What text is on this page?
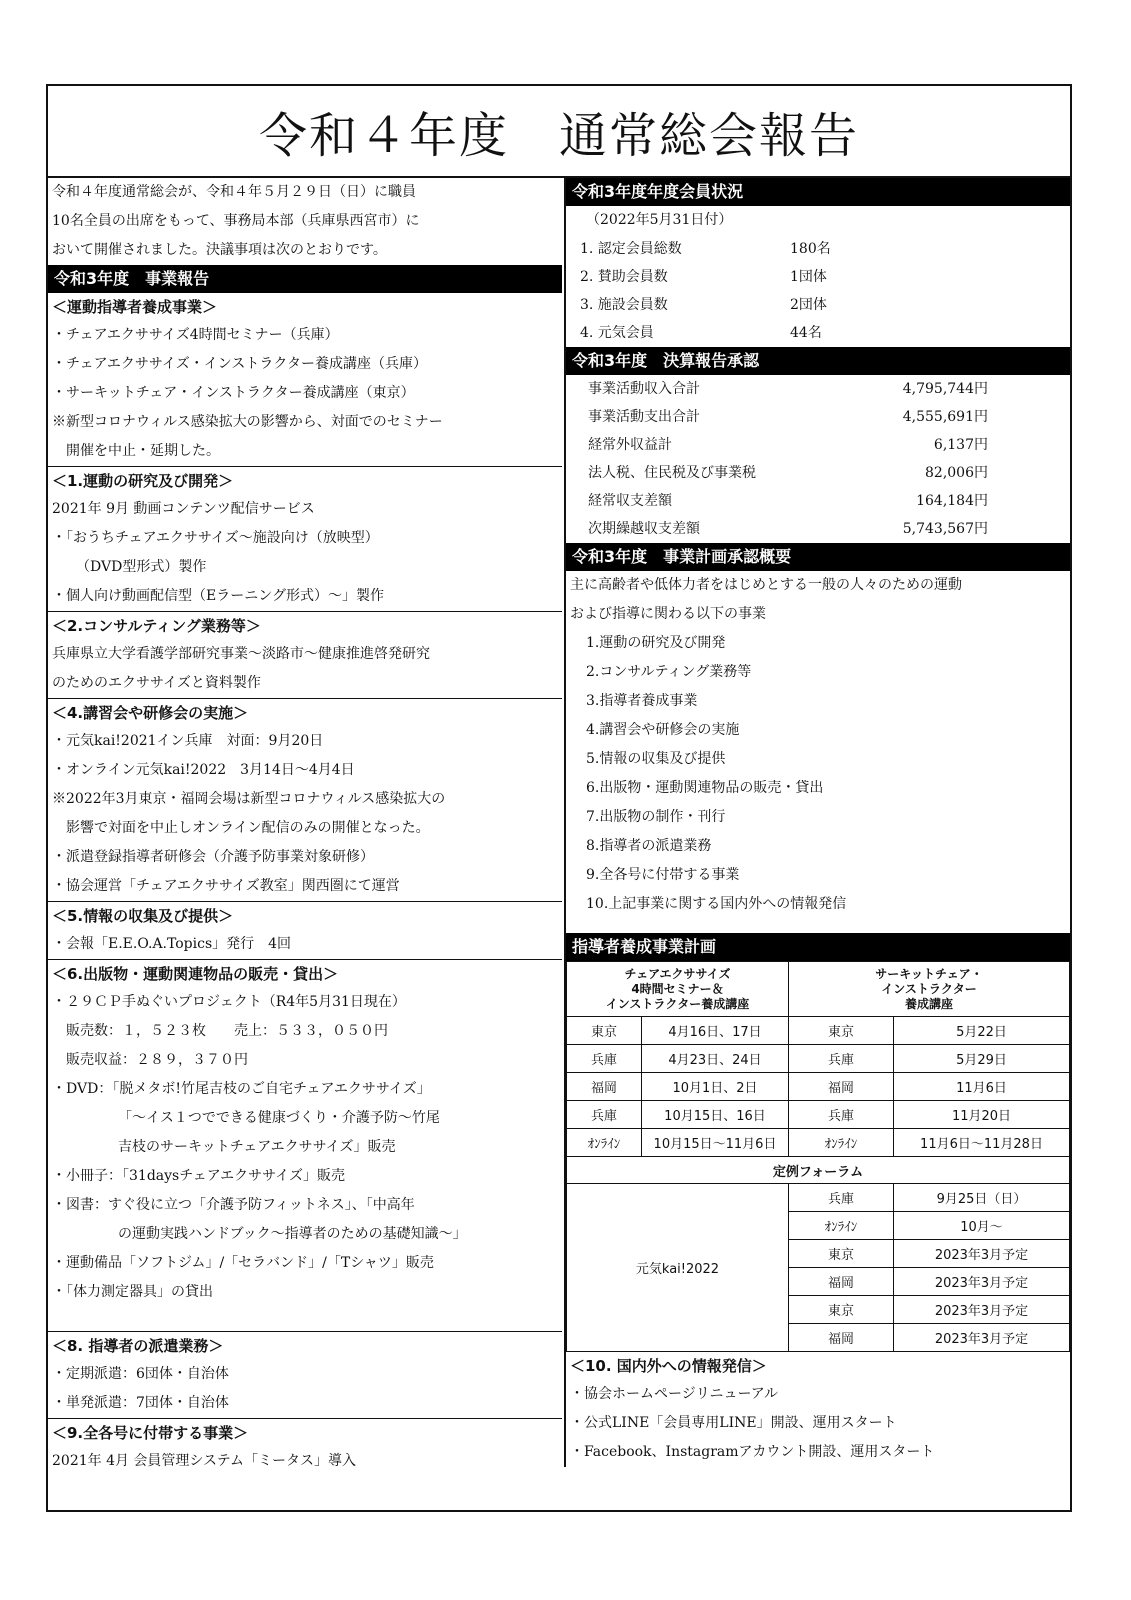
令和４年度　通常総会報告
令和４年度通常総会が、令和４年５月２９日（日）に職員
10名全員の出席をもって、事務局本部（兵庫県西宮市）に
おいて開催されました。決議事項は次のとおりです。
令和3年度　事業報告
＜運動指導者養成事業＞
・チェアエクササイズ4時間セミナー（兵庫）
・チェアエクササイズ・インストラクター養成講座（兵庫）
・サーキットチェア・インストラクター養成講座（東京）
※新型コロナウィルス感染拡大の影響から、対面でのセミナー
　開催を中止・延期した。
＜1.運動の研究及び開発＞
2021年 9月 動画コンテンツ配信サービス
・「おうちチェアエクササイズ～施設向け（放映型）
（DVD型形式）製作
・個人向け動画配信型（Eラーニング形式）～」製作
＜2.コンサルティング業務等＞
兵庫県立大学看護学部研究事業～淡路市～健康推進啓発研究
のためのエクササイズと資料製作
＜4.講習会や研修会の実施＞
・元気kai!2021イン兵庫　対面：9月20日
・オンライン元気kai!2022　3月14日～4月4日
※2022年3月東京・福岡会場は新型コロナウィルス感染拡大の
　影響で対面を中止しオンライン配信のみの開催となった。
・派遣登録指導者研修会（介護予防事業対象研修）
・協会運営「チェアエクササイズ教室」関西圏にて運営
＜5.情報の収集及び提供＞
・会報「E.E.O.A.Topics」発行　4回
＜6.出版物・運動関連物品の販売・貸出＞
・２９ＣＰ手ぬぐいプロジェクト（R4年5月31日現在）
販売数：１，５２３枚　　売上：５３３，０５０円
販売収益：２８９，３７０円
・DVD：「脱メタボ!竹尾吉枝のご自宅チェアエクササイズ」
「～イス１つでできる健康づくり・介護予防～竹尾
吉枝のサーキットチェアエクササイズ」販売
・小冊子：「31daysチェアエクササイズ」販売
・図書：すぐ役に立つ「介護予防フィットネス」、「中高年
の運動実践ハンドブック～指導者のための基礎知識～」
・運動備品「ソフトジム」/「セラバンド」/「Tシャツ」販売
・「体力測定器具」の貸出
＜8. 指導者の派遣業務＞
・定期派遣：6団体・自治体
・単発派遣：7団体・自治体
＜9.全各号に付帯する事業＞
2021年 4月 会員管理システム「ミータス」導入
令和3年度年度会員状況
（2022年5月31日付）
1. 認定会員総数	180名
2. 賛助会員数	1団体
3. 施設会員数	2団体
4. 元気会員	44名
令和3年度　決算報告承認
事業活動収入合計	4,795,744円
事業活動支出合計	4,555,691円
経常外収益計	6,137円
法人税、住民税及び事業税	82,006円
経常収支差額	164,184円
次期繰越収支差額	5,743,567円
令和3年度　事業計画承認概要
主に高齢者や低体力者をはじめとする一般の人々のための運動
および指導に関わる以下の事業
1.運動の研究及び開発
2.コンサルティング業務等
3.指導者養成事業
4.講習会や研修会の実施
5.情報の収集及び提供
6.出版物・運動関連物品の販売・貸出
7.出版物の制作・刊行
8.指導者の派遣業務
9.全各号に付帯する事業
10.上記事業に関する国内外への情報発信
指導者養成事業計画
チェアエクササイズ
4時間セミナー＆
インストラクター養成講座		サーキットチェア・
インストラクター
養成講座	
東京	4月16日、17日	東京	5月22日
兵庫	4月23日、24日	兵庫	5月29日
福岡	10月1日、2日	福岡	11月6日
兵庫	10月15日、16日	兵庫	11月20日
ｵﾝﾗｲﾝ	10月15日～11月6日	ｵﾝﾗｲﾝ	11月6日～11月28日
定例フォーラム			
元気kai!2022		兵庫	9月25日（日）
		ｵﾝﾗｲﾝ	10月～
		東京	2023年3月予定
		福岡	2023年3月予定
		東京	2023年3月予定
		福岡	2023年3月予定
＜10. 国内外への情報発信＞
・協会ホームページリニューアル
・公式LINE「会員専用LINE」開設、運用スタート
・Facebook、Instagramアカウント開設、運用スタート
